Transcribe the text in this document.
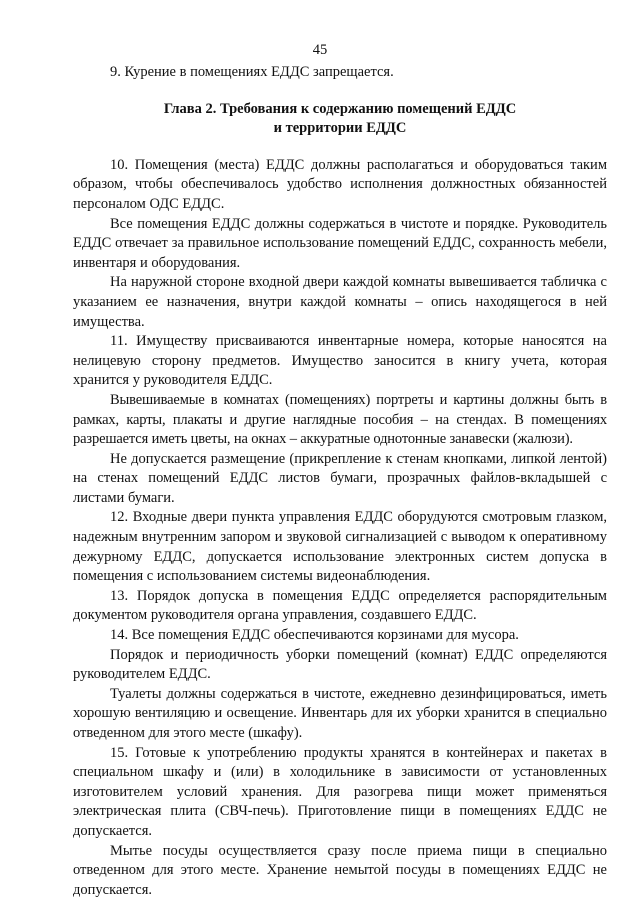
45

9. Курение в помещениях ЕДДС запрещается.

Глава 2. Требования к содержанию помещений ЕДДС
и территории ЕДДС

10. Помещения (места) ЕДДС должны располагаться и оборудоваться таким образом, чтобы обеспечивалось удобство исполнения должностных обязанностей персоналом ОДС ЕДДС.

Все помещения ЕДДС должны содержаться в чистоте и порядке. Руководитель ЕДДС отвечает за правильное использование помещений ЕДДС, сохранность мебели, инвентаря и оборудования.

На наружной стороне входной двери каждой комнаты вывешивается табличка с указанием ее назначения, внутри каждой комнаты – опись находящегося в ней имущества.

11. Имуществу присваиваются инвентарные номера, которые наносятся на нелицевую сторону предметов. Имущество заносится в книгу учета, которая хранится у руководителя ЕДДС.

Вывешиваемые в комнатах (помещениях) портреты и картины должны быть в рамках, карты, плакаты и другие наглядные пособия – на стендах. В помещениях разрешается иметь цветы, на окнах – аккуратные однотонные занавески (жалюзи).

Не допускается размещение (прикрепление к стенам кнопками, липкой лентой) на стенах помещений ЕДДС листов бумаги, прозрачных файлов-вкладышей с листами бумаги.

12. Входные двери пункта управления ЕДДС оборудуются смотровым глазком, надежным внутренним запором и звуковой сигнализацией с выводом к оперативному дежурному ЕДДС, допускается использование электронных систем допуска в помещения с использованием системы видеонаблюдения.

13. Порядок допуска в помещения ЕДДС определяется распорядительным документом руководителя органа управления, создавшего ЕДДС.

14. Все помещения ЕДДС обеспечиваются корзинами для мусора.

Порядок и периодичность уборки помещений (комнат) ЕДДС определяются руководителем ЕДДС.

Туалеты должны содержаться в чистоте, ежедневно дезинфицироваться, иметь хорошую вентиляцию и освещение. Инвентарь для их уборки хранится в специально отведенном для этого месте (шкафу).

15. Готовые к употреблению продукты хранятся в контейнерах и пакетах в специальном шкафу и (или) в холодильнике в зависимости от установленных изготовителем условий хранения. Для разогрева пищи может применяться электрическая плита (СВЧ-печь). Приготовление пищи в помещениях ЕДДС не допускается.

Мытье посуды осуществляется сразу после приема пищи в специально отведенном для этого месте. Хранение немытой посуды в помещениях ЕДДС не допускается.
